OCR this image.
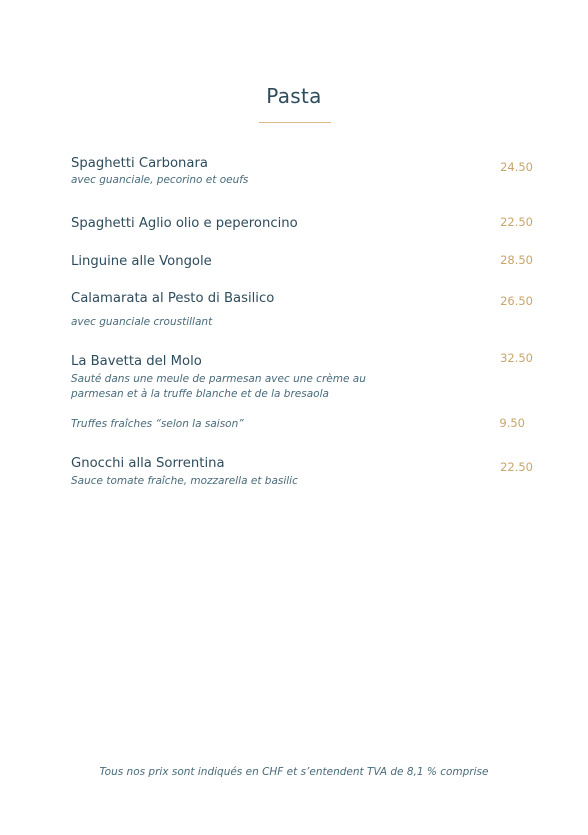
Pasta
Spaghetti Carbonara
avec guanciale, pecorino et oeufs
24.50
Spaghetti Aglio olio e peperoncino	22.50
Linguine alle Vongole	28.50
Calamarata al Pesto di Basilico
avec guanciale croustillant
26.50
La Bavetta del Molo
Sauté dans une meule de parmesan avec une crème au
parmesan et à la truffe blanche et de la bresaola
32.50
Truffes fraîches “selon la saison”	9.50
Gnocchi alla Sorrentina
Sauce tomate fraîche, mozzarella et basilic
22.50
Tous nos prix sont indiqués en CHF et s’entendent TVA de 8,1 % comprise
